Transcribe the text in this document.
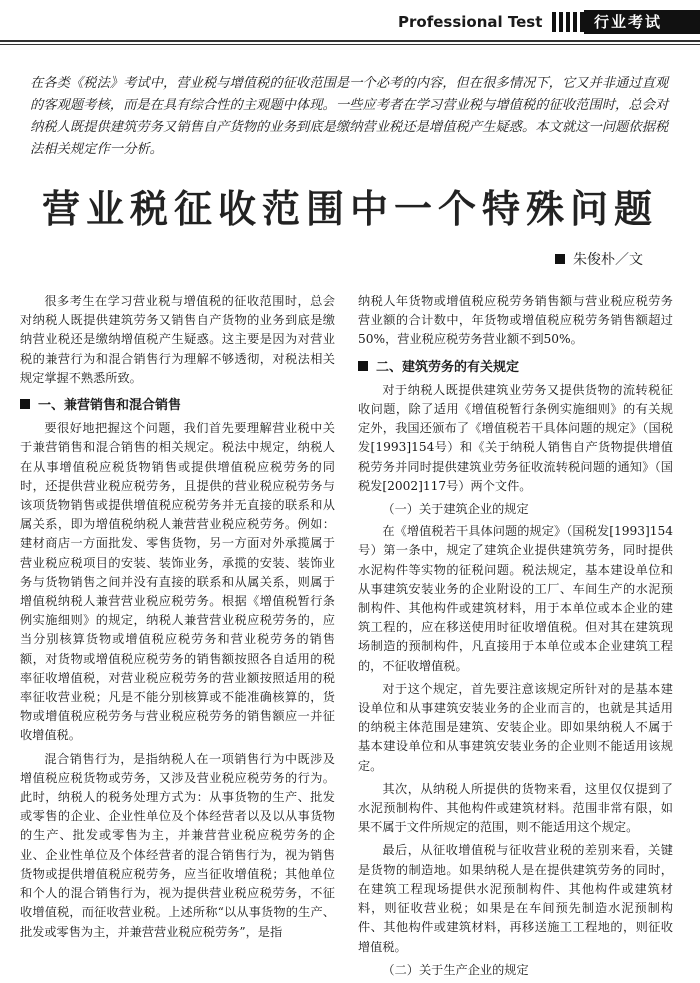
Professional Test	行业考试
在各类《税法》考试中，营业税与增值税的征收范围是一个必考的内容，但在很多情况下，它又并非通过直观的客观题考核，而是在具有综合性的主观题中体现。一些应考者在学习营业税与增值税的征收范围时，总会对纳税人既提供建筑劳务又销售自产货物的业务到底是缴纳营业税还是增值税产生疑惑。本文就这一问题依据税法相关规定作一分析。
营业税征收范围中一个特殊问题
朱俊朴／文

很多考生在学习营业税与增值税的征收范围时，总会对纳税人既提供建筑劳务又销售自产货物的业务到底是缴纳营业税还是缴纳增值税产生疑惑。这主要是因为对营业税的兼营行为和混合销售行为理解不够透彻，对税法相关规定掌握不熟悉所致。

一、兼营销售和混合销售

要很好地把握这个问题，我们首先要理解营业税中关于兼营销售和混合销售的相关规定。税法中规定，纳税人在从事增值税应税货物销售或提供增值税应税劳务的同时，还提供营业税应税劳务，且提供的营业税应税劳务与该项货物销售或提供增值税应税劳务并无直接的联系和从属关系，即为增值税纳税人兼营营业税应税劳务。例如：建材商店一方面批发、零售货物，另一方面对外承揽属于营业税应税项目的安装、装饰业务，承揽的安装、装饰业务与货物销售之间并没有直接的联系和从属关系，则属于增值税纳税人兼营营业税应税劳务。根据《增值税暂行条例实施细则》的规定，纳税人兼营营业税应税劳务的，应当分别核算货物或增值税应税劳务和营业税劳务的销售额，对货物或增值税应税劳务的销售额按照各自适用的税率征收增值税，对营业税应税劳务的营业额按照适用的税率征收营业税；凡是不能分别核算或不能准确核算的，货物或增值税应税劳务与营业税应税劳务的销售额应一并征收增值税。

混合销售行为，是指纳税人在一项销售行为中既涉及增值税应税货物或劳务，又涉及营业税应税劳务的行为。此时，纳税人的税务处理方式为：从事货物的生产、批发或零售的企业、企业性单位及个体经营者以及以从事货物的生产、批发或零售为主，并兼营营业税应税劳务的企业、企业性单位及个体经营者的混合销售行为，视为销售货物或提供增值税应税劳务，应当征收增值税；其他单位和个人的混合销售行为，视为提供营业税应税劳务，不征收增值税，而征收营业税。上述所称“以从事货物的生产、批发或零售为主，并兼营营业税应税劳务”，是指

纳税人年货物或增值税应税劳务销售额与营业税应税劳务营业额的合计数中，年货物或增值税应税劳务销售额超过50%，营业税应税劳务营业额不到50%。

二、建筑劳务的有关规定

对于纳税人既提供建筑业劳务又提供货物的流转税征收问题，除了适用《增值税暂行条例实施细则》的有关规定外，我国还颁布了《增值税若干具体问题的规定》（国税发[1993]154号）和《关于纳税人销售自产货物提供增值税劳务并同时提供建筑业劳务征收流转税问题的通知》（国税发[2002]117号）两个文件。

（一）关于建筑企业的规定

在《增值税若干具体问题的规定》（国税发[1993]154号）第一条中，规定了建筑企业提供建筑劳务，同时提供水泥构件等实物的征税问题。税法规定，基本建设单位和从事建筑安装业务的企业附设的工厂、车间生产的水泥预制构件、其他构件或建筑材料，用于本单位或本企业的建筑工程的，应在移送使用时征收增值税。但对其在建筑现场制造的预制构件，凡直接用于本单位或本企业建筑工程的，不征收增值税。

对于这个规定，首先要注意该规定所针对的是基本建设单位和从事建筑安装业务的企业而言的，也就是其适用的纳税主体范围是建筑、安装企业。即如果纳税人不属于基本建设单位和从事建筑安装业务的企业则不能适用该规定。

其次，从纳税人所提供的货物来看，这里仅仅提到了水泥预制构件、其他构件或建筑材料。范围非常有限，如果不属于文件所规定的范围，则不能适用这个规定。

最后，从征收增值税与征收营业税的差别来看，关键是货物的制造地。如果纳税人是在提供建筑劳务的同时，在建筑工程现场提供水泥预制构件、其他构件或建筑材料，则征收营业税；如果是在车间预先制造水泥预制构件、其他构件或建筑材料，再移送施工工程地的，则征收增值税。

（二）关于生产企业的规定
